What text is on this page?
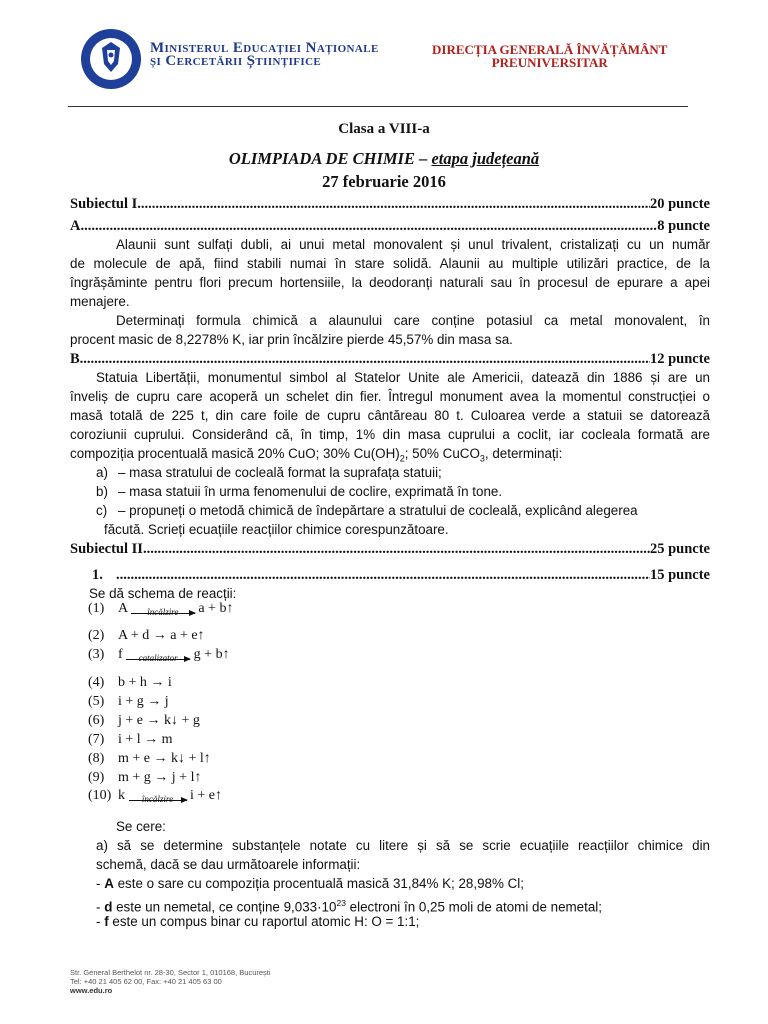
Ministerul Educației Naționale
și Cercetării Științifice
DIRECȚIA GENERALĂ ÎNVĂȚĂMÂNT
PREUNIVERSITAR
Clasa a VIII-a
OLIMPIADA DE CHIMIE – etapa județeană
27 februarie 2016
Subiectul I .....	20 puncte
A. .....	8 puncte
Alaunii sunt sulfați dubli, ai unui metal monovalent și unul trivalent, cristalizați cu un număr
de molecule de apă, fiind stabili numai în stare solidă. Alaunii au multiple utilizări practice, de la
îngrășăminte pentru flori precum hortensiile, la deodoranți naturali sau în procesul de epurare a apei
menajere.
Determinați formula chimică a alaunului care conține potasiul ca metal monovalent, în
procent masic de 8,2278% K, iar prin încălzire pierde 45,57% din masa sa.
B. .....	12 puncte
Statuia Libertății, monumentul simbol al Statelor Unite ale Americii, datează din 1886 și are un
înveliș de cupru care acoperă un schelet din fier. Întregul monument avea la momentul construcției o
masă totală de 225 t, din care foile de cupru cântăreau 80 t. Culoarea verde a statuii se datorează
coroziunii cuprului. Considerând că, în timp, 1% din masa cuprului a coclit, iar cocleala formată are
compoziția procentuală masică 20% CuO; 30% $Cu(OH)_2$; 50% CuCO$_3$, determinați:
a) – masa stratului de cocleală format la suprafața statuii;
b) – masa statuii în urma fenomenului de coclire, exprimată în tone.
c) – propuneți o metodă chimică de îndepărtare a stratului de cocleală, explicând alegerea
făcută. Scrieți ecuațiile reacțiilor chimice corespunzătoare.
Subiectul II .....	25 puncte
1. .....	15 puncte
Se dă schema de reacții:
(1) A	încălzire	a + b↑
(2) A + d → a + e↑
(3) f	catalizator	g + b↑
(4) b + h → i
(5) i + g → j
(6) j + e → k↓ + g
(7) i + l → m
(8) m + e → k↓ + l↑
(9) m + g → j + l↑
(10) k	încălzire	i + e↑
Se cere:
a) să se determine substanțele notate cu litere și să se scrie ecuațiile reacțiilor chimice din
schemă, dacă se dau următoarele informații:
- A este o sare cu compoziția procentuală masică 31,84% K; 28,98% Cl;
- d este un nemetal, ce conține $9,033\cdot 10^{23}$ electroni în 0,25 moli de atomi de nemetal;
- f este un compus binar cu raportul atomic H: O = 1:1;
Str. General Berthelot nr. 28-30, Sector 1, 010168, București
Tel: +40 21 405 62 00, Fax: +40 21 405 63 00
www.edu.ro
